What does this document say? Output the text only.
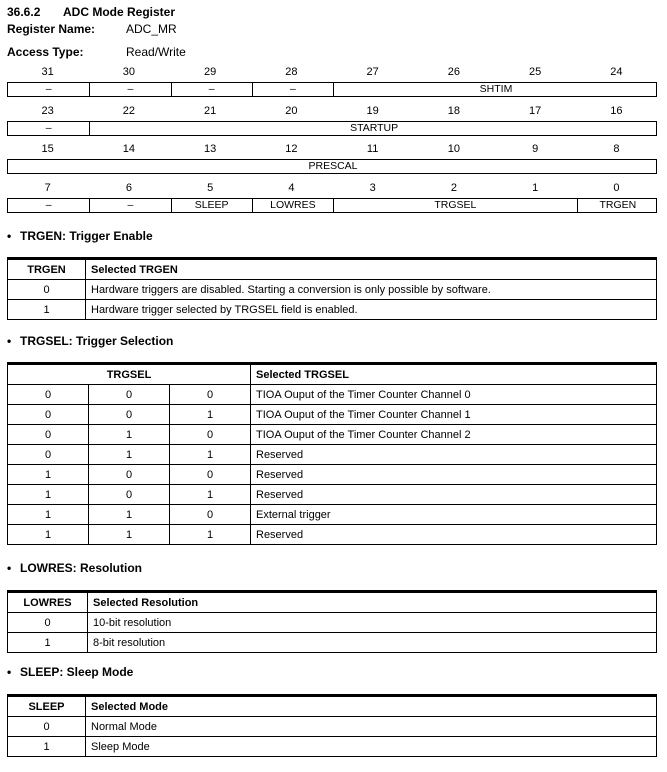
36.6.2 ADC Mode Register
Register Name:	ADC_MR
Access Type:	Read/Write
31	30	29	28	27	26	25	24
–	–	–	–	SHTIM
23	22	21	20	19	18	17	16
–	STARTUP
15	14	13	12	11	10	9	8
PRESCAL
7	6	5	4	3	2	1	0
–	–	SLEEP	LOWRES	TRGSEL	TRGEN
• TRGEN: Trigger Enable
TRGEN	Selected TRGEN
0	Hardware triggers are disabled. Starting a conversion is only possible by software.
1	Hardware trigger selected by TRGSEL field is enabled.
• TRGSEL: Trigger Selection
TRGSEL			Selected TRGSEL
0	0	0	TIOA Ouput of the Timer Counter Channel 0
0	0	1	TIOA Ouput of the Timer Counter Channel 1
0	1	0	TIOA Ouput of the Timer Counter Channel 2
0	1	1	Reserved
1	0	0	Reserved
1	0	1	Reserved
1	1	0	External trigger
1	1	1	Reserved
• LOWRES: Resolution
LOWRES	Selected Resolution
0	10-bit resolution
1	8-bit resolution
• SLEEP: Sleep Mode
SLEEP	Selected Mode
0	Normal Mode
1	Sleep Mode
